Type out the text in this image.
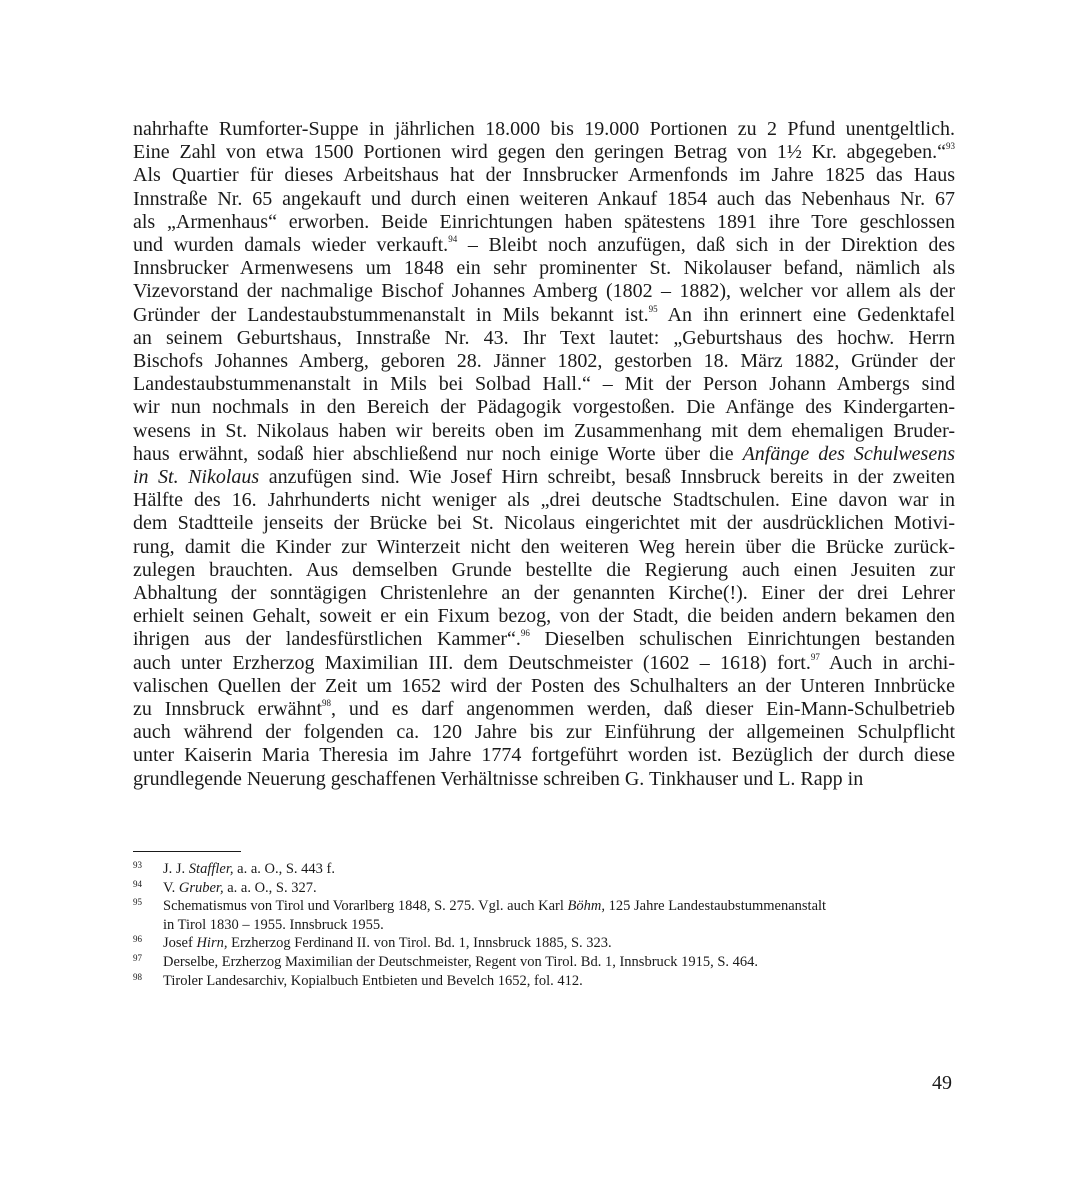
nahrhafte Rumforter-Suppe in jährlichen 18.000 bis 19.000 Portionen zu 2 Pfund unentgeltlich.
Eine Zahl von etwa 1500 Portionen wird gegen den geringen Betrag von 1½ Kr. abgegeben.“$^{93}$
Als Quartier für dieses Arbeitshaus hat der Innsbrucker Armenfonds im Jahre 1825 das Haus
Innstraße Nr. 65 angekauft und durch einen weiteren Ankauf 1854 auch das Nebenhaus Nr. 67
als „Armenhaus“ erworben. Beide Einrichtungen haben spätestens 1891 ihre Tore geschlossen
und wurden damals wieder verkauft.$^{94}$ – Bleibt noch anzufügen, daß sich in der Direktion des
Innsbrucker Armenwesens um 1848 ein sehr prominenter St. Nikolauser befand, nämlich als
Vizevorstand der nachmalige Bischof Johannes Amberg (1802 – 1882), welcher vor allem als der
Gründer der Landestaubstummenanstalt in Mils bekannt ist.$^{95}$ An ihn erinnert eine Gedenktafel
an seinem Geburtshaus, Innstraße Nr. 43. Ihr Text lautet: „Geburtshaus des hochw. Herrn
Bischofs Johannes Amberg, geboren 28. Jänner 1802, gestorben 18. März 1882, Gründer der
Landestaubstummenanstalt in Mils bei Solbad Hall.“ – Mit der Person Johann Ambergs sind
wir nun nochmals in den Bereich der Pädagogik vorgestoßen. Die Anfänge des Kindergarten-
wesens in St. Nikolaus haben wir bereits oben im Zusammenhang mit dem ehemaligen Bruder-
haus erwähnt, sodaß hier abschließend nur noch einige Worte über die Anfänge des Schulwesens
in St. Nikolaus anzufügen sind. Wie Josef Hirn schreibt, besaß Innsbruck bereits in der zweiten
Hälfte des 16. Jahrhunderts nicht weniger als „drei deutsche Stadtschulen. Eine davon war in
dem Stadtteile jenseits der Brücke bei St. Nicolaus eingerichtet mit der ausdrücklichen Motivi-
rung, damit die Kinder zur Winterzeit nicht den weiteren Weg herein über die Brücke zurück-
zulegen brauchten. Aus demselben Grunde bestellte die Regierung auch einen Jesuiten zur
Abhaltung der sonntägigen Christenlehre an der genannten Kirche(!). Einer der drei Lehrer
erhielt seinen Gehalt, soweit er ein Fixum bezog, von der Stadt, die beiden andern bekamen den
ihrigen aus der landesfürstlichen Kammer“.$^{96}$ Dieselben schulischen Einrichtungen bestanden
auch unter Erzherzog Maximilian III. dem Deutschmeister (1602 – 1618) fort.$^{97}$ Auch in archi-
valischen Quellen der Zeit um 1652 wird der Posten des Schulhalters an der Unteren Innbrücke
zu Innsbruck erwähnt$^{98}$, und es darf angenommen werden, daß dieser Ein-Mann-Schulbetrieb
auch während der folgenden ca. 120 Jahre bis zur Einführung der allgemeinen Schulpflicht
unter Kaiserin Maria Theresia im Jahre 1774 fortgeführt worden ist. Bezüglich der durch diese
grundlegende Neuerung geschaffenen Verhältnisse schreiben G. Tinkhauser und L. Rapp in
93	J. J. Staffler, a. a. O., S. 443 f.
94	V. Gruber, a. a. O., S. 327.
95	Schematismus von Tirol und Vorarlberg 1848, S. 275. Vgl. auch Karl Böhm, 125 Jahre Landestaubstummenanstalt
in Tirol 1830 – 1955. Innsbruck 1955.
96	Josef Hirn, Erzherzog Ferdinand II. von Tirol. Bd. 1, Innsbruck 1885, S. 323.
97	Derselbe, Erzherzog Maximilian der Deutschmeister, Regent von Tirol. Bd. 1, Innsbruck 1915, S. 464.
98	Tiroler Landesarchiv, Kopialbuch Entbieten und Bevelch 1652, fol. 412.
49
